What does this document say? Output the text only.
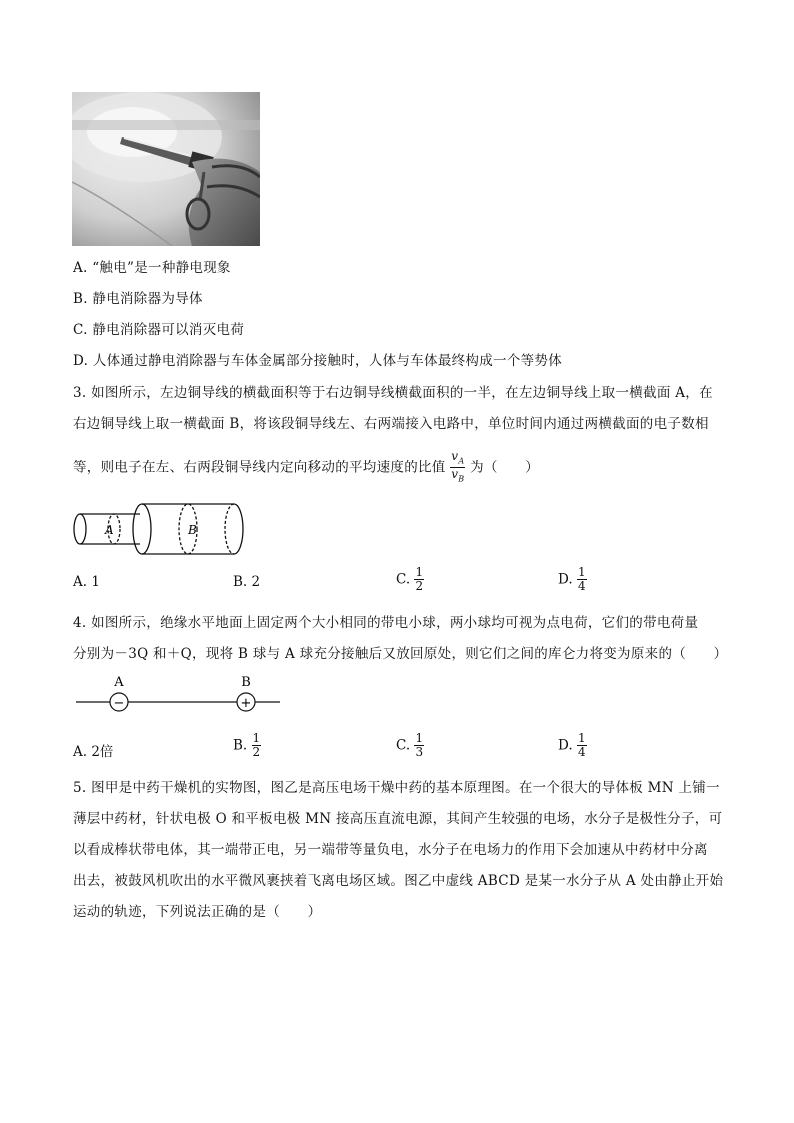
A. “触电”是一种静电现象
B. 静电消除器为导体
C. 静电消除器可以消灭电荷
D. 人体通过静电消除器与车体金属部分接触时，人体与车体最终构成一个等势体
3. 如图所示，左边铜导线的横截面积等于右边铜导线横截面积的一半，在左边铜导线上取一横截面 A，在
右边铜导线上取一横截面 B，将该段铜导线左、右两端接入电路中，单位时间内通过两横截面的电子数相
等，则电子在左、右两段铜导线内定向移动的平均速度的比值 $\frac{v_A}{v_B}$ 为（　　）
A	B
A. 1	B. 2	C. $\frac{1}{2}$	D. $\frac{1}{4}$
4. 如图所示，绝缘水平地面上固定两个大小相同的带电小球，两小球均可视为点电荷，它们的带电荷量
分别为－3Q 和＋Q，现将 B 球与 A 球充分接触后又放回原处，则它们之间的库仑力将变为原来的（　　）
−	+
A	B
A. 2倍	B. $\frac{1}{2}$	C. $\frac{1}{3}$	D. $\frac{1}{4}$
5. 图甲是中药干燥机的实物图，图乙是高压电场干燥中药的基本原理图。在一个很大的导体板 MN 上铺一
薄层中药材，针状电极 O 和平板电极 MN 接高压直流电源，其间产生较强的电场，水分子是极性分子，可
以看成棒状带电体，其一端带正电，另一端带等量负电，水分子在电场力的作用下会加速从中药材中分离
出去，被鼓风机吹出的水平微风裹挟着飞离电场区域。图乙中虚线 ABCD 是某一水分子从 A 处由静止开始
运动的轨迹，下列说法正确的是（　　）
